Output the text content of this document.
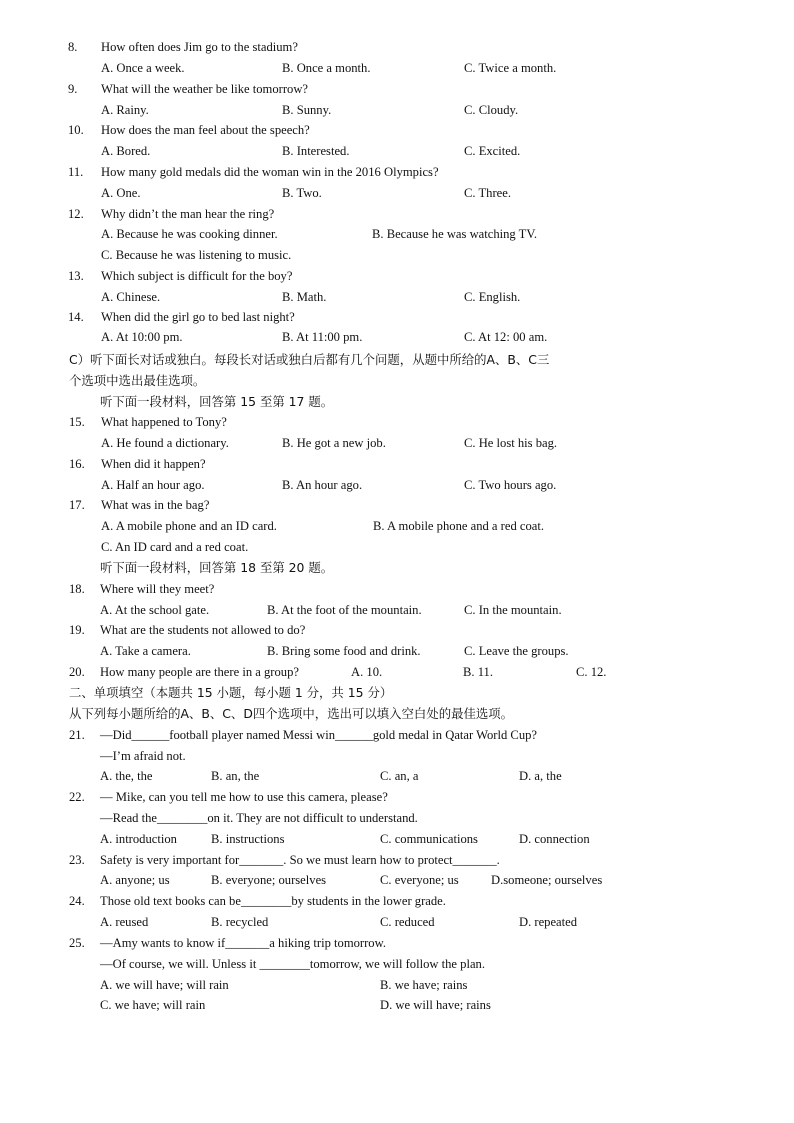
8. How often does Jim go to the stadium?
A. Once a week.	B. Once a month.	C. Twice a month.
9. What will the weather be like tomorrow?
A. Rainy.	B. Sunny.	C. Cloudy.
10. How does the man feel about the speech?
A. Bored.	B. Interested.	C. Excited.
11. How many gold medals did the woman win in the 2016 Olympics?
A. One.	B. Two.	C. Three.
12. Why didn’t the man hear the ring?
A. Because he was cooking dinner.	B. Because he was watching TV.
C. Because he was listening to music.
13. Which subject is difficult for the boy?
A. Chinese.	B. Math.	C. English.
14. When did the girl go to bed last night?
A. At 10:00 pm.	B. At 11:00 pm.	C. At 12: 00 am.
C）听下面长对话或独白。每段长对话或独白后都有几个问题，从题中所给的A、B、C三
个选项中选出最佳选项。
听下面一段材料，回答第 15 至第 17 题。
15. What happened to Tony?
A. He found a dictionary.	B. He got a new job.	C. He lost his bag.
16. When did it happen?
A. Half an hour ago.	B. An hour ago.	C. Two hours ago.
17. What was in the bag?
A. A mobile phone and an ID card.	B. A mobile phone and a red coat.
C. An ID card and a red coat.
听下面一段材料，回答第 18 至第 20 题。
18. Where will they meet?
A. At the school gate.	B. At the foot of the mountain.	C. In the mountain.
19. What are the students not allowed to do?
A. Take a camera.	B. Bring some food and drink.	C. Leave the groups.
20. How many people are there in a group?	A. 10.	B. 11.	C. 12.
二、单项填空（本题共 15 小题，每小题 1 分，共 15 分）
从下列每小题所给的A、B、C、D四个选项中，选出可以填入空白处的最佳选项。
21. —Did______football player named Messi win______gold medal in Qatar World Cup?
—I’m afraid not.
A. the, the	B. an, the	C. an, a	D. a, the
22. — Mike, can you tell me how to use this camera, please?
—Read the________on it. They are not difficult to understand.
A. introduction	B. instructions	C. communications	D. connection
23. Safety is very important for_______. So we must learn how to protect_______.
A. anyone; us	B. everyone; ourselves	C. everyone; us	D.someone; ourselves
24. Those old text books can be________by students in the lower grade.
A. reused	B. recycled	C. reduced	D. repeated
25. —Amy wants to know if_______a hiking trip tomorrow.
—Of course, we will. Unless it ________tomorrow, we will follow the plan.
A. we will have; will rain	B. we have; rains
C. we have; will rain	D. we will have; rains
